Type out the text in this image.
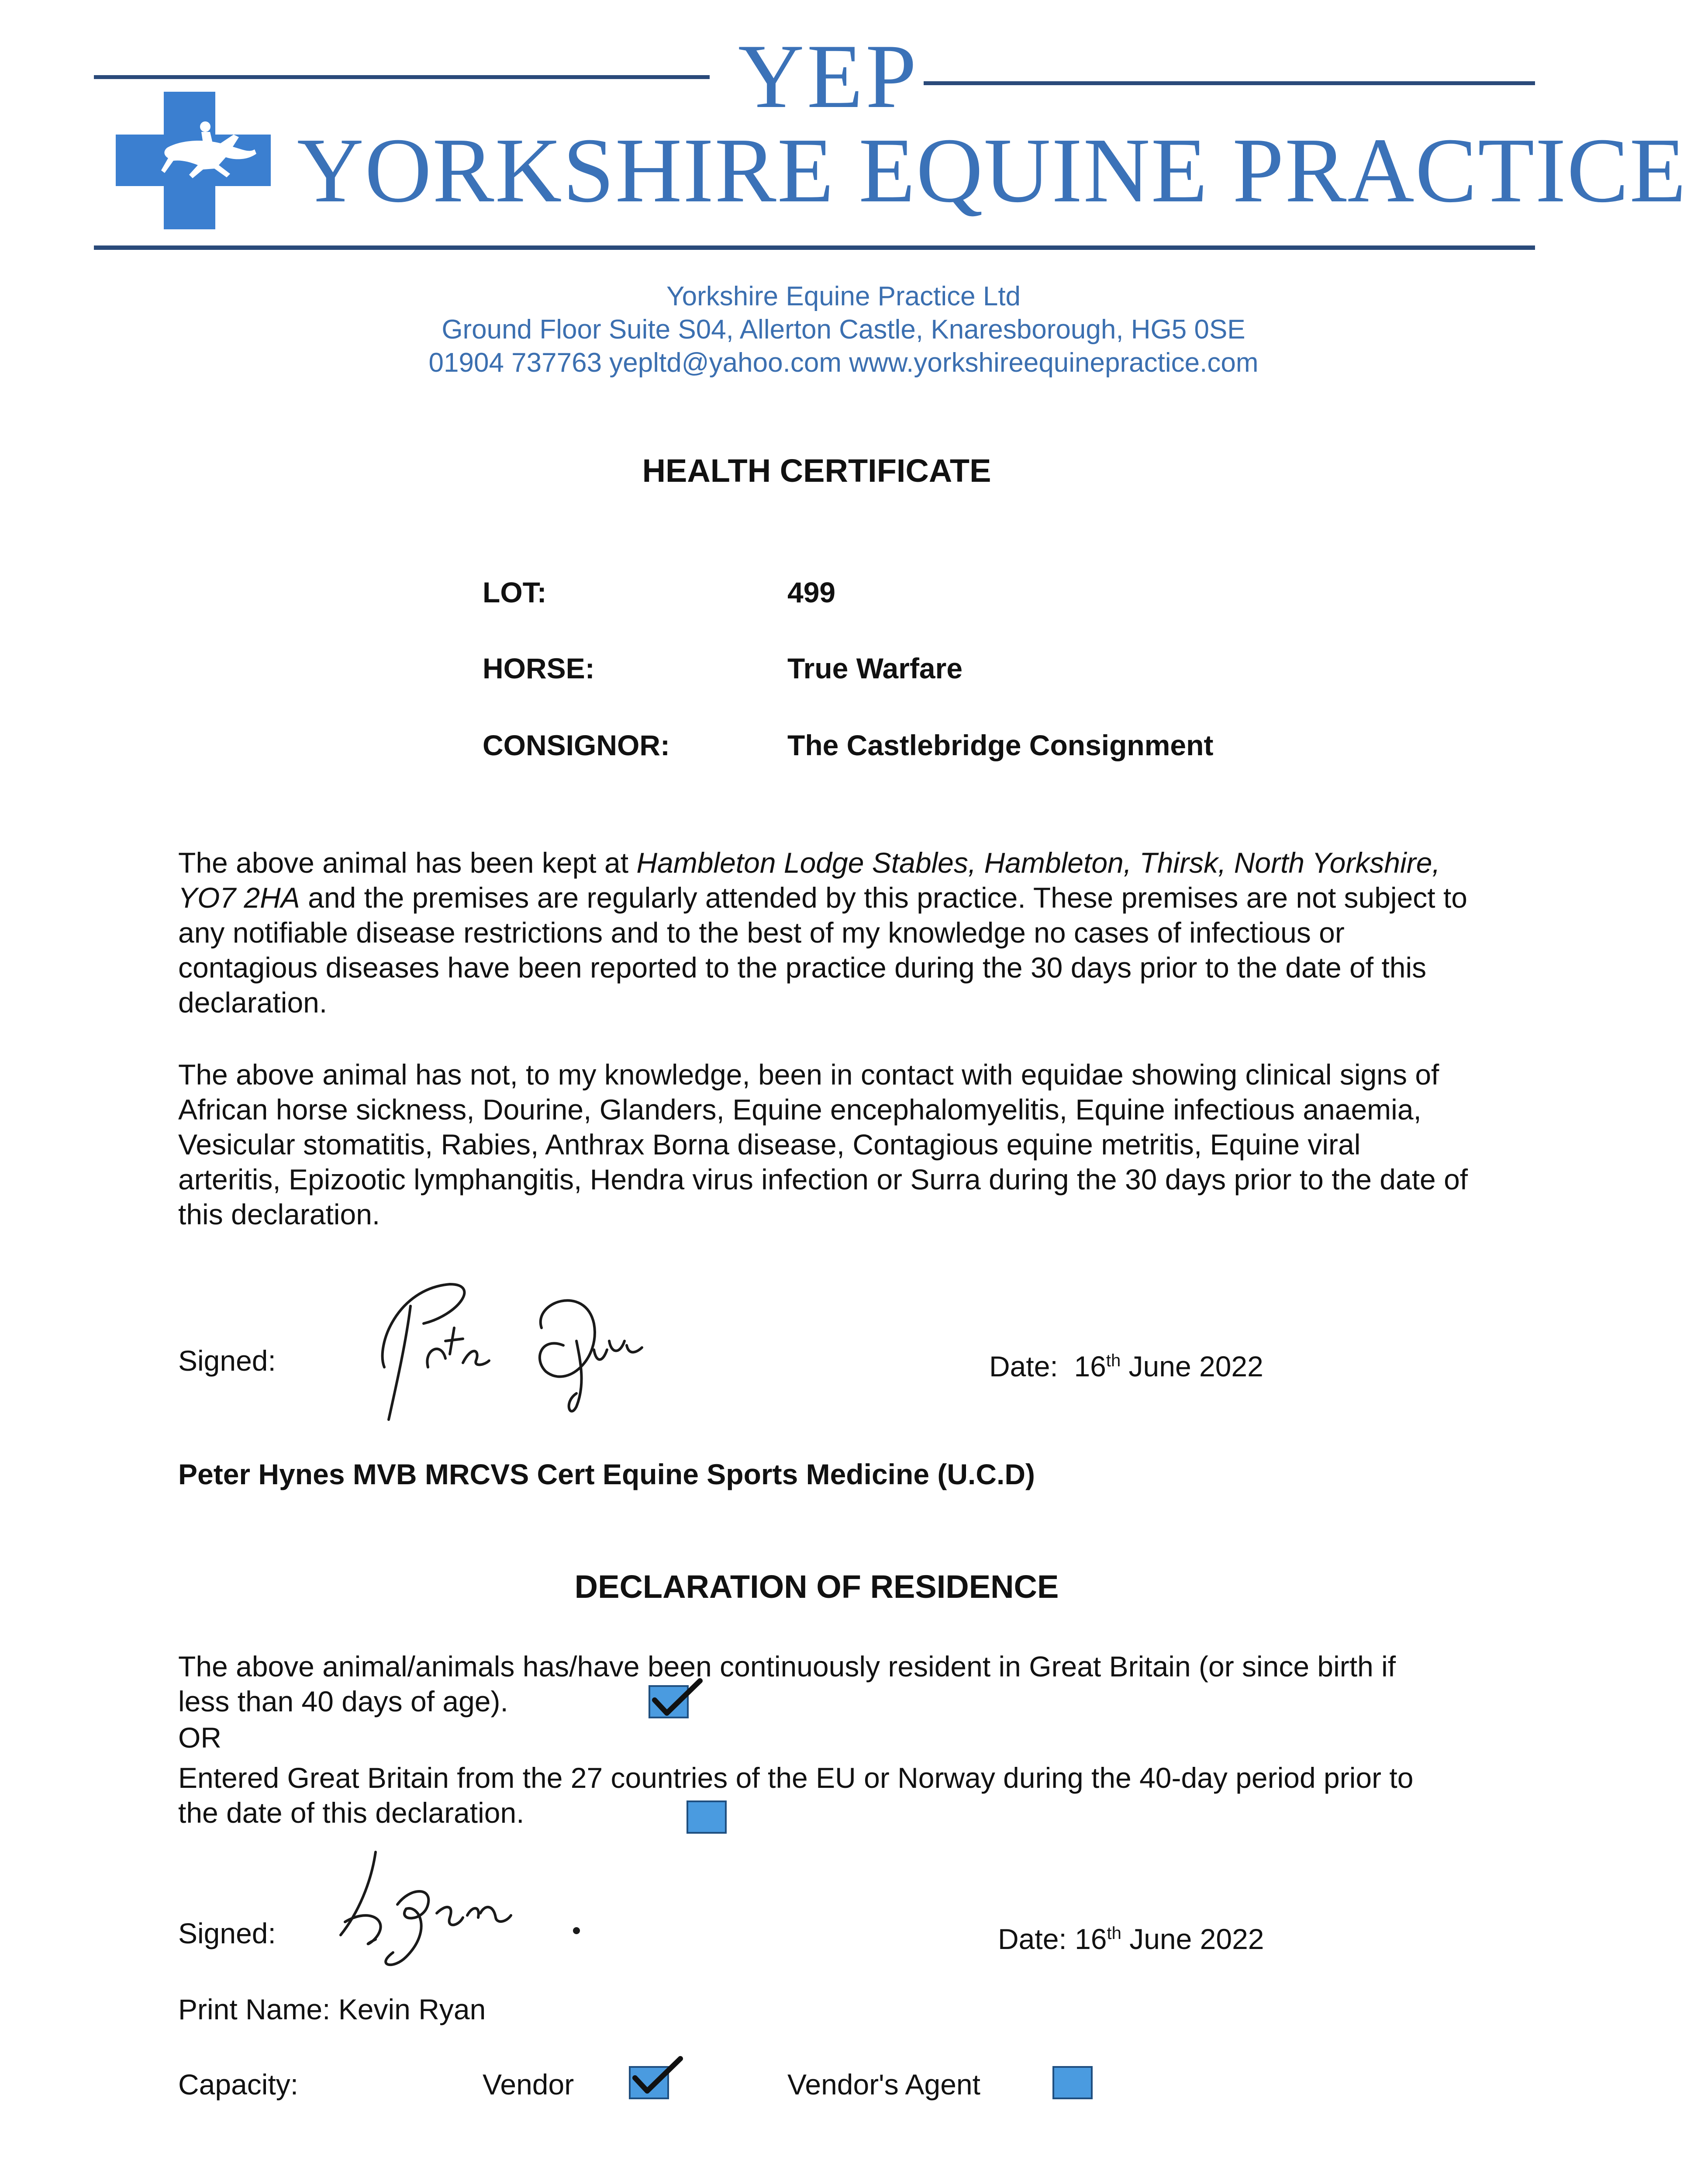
YEP
YORKSHIRE EQUINE PRACTICE
Yorkshire Equine Practice Ltd
Ground Floor Suite S04, Allerton Castle, Knaresborough, HG5 0SE
01904 737763 yepltd@yahoo.com www.yorkshireequinepractice.com
HEALTH CERTIFICATE
LOT:	499
HORSE:	True Warfare
CONSIGNOR:	The Castlebridge Consignment
The above animal has been kept at Hambleton Lodge Stables, Hambleton, Thirsk, North Yorkshire, YO7 2HA and the premises are regularly attended by this practice. These premises are not subject to any notifiable disease restrictions and to the best of my knowledge no cases of infectious or contagious diseases have been reported to the practice during the 30 days prior to the date of this declaration.
The above animal has not, to my knowledge, been in contact with equidae showing clinical signs of African horse sickness, Dourine, Glanders, Equine encephalomyelitis, Equine infectious anaemia, Vesicular stomatitis, Rabies, Anthrax Borna disease, Contagious equine metritis, Equine viral arteritis, Epizootic lymphangitis, Hendra virus infection or Surra during the 30 days prior to the date of this declaration.
Signed:	Date: 16th June 2022
Peter Hynes MVB MRCVS Cert Equine Sports Medicine (U.C.D)
DECLARATION OF RESIDENCE
The above animal/animals has/have been continuously resident in Great Britain (or since birth if less than 40 days of age).
OR
Entered Great Britain from the 27 countries of the EU or Norway during the 40-day period prior to the date of this declaration.
Signed:	Date: 16th June 2022
Print Name: Kevin Ryan
Capacity:	Vendor	Vendor's Agent
